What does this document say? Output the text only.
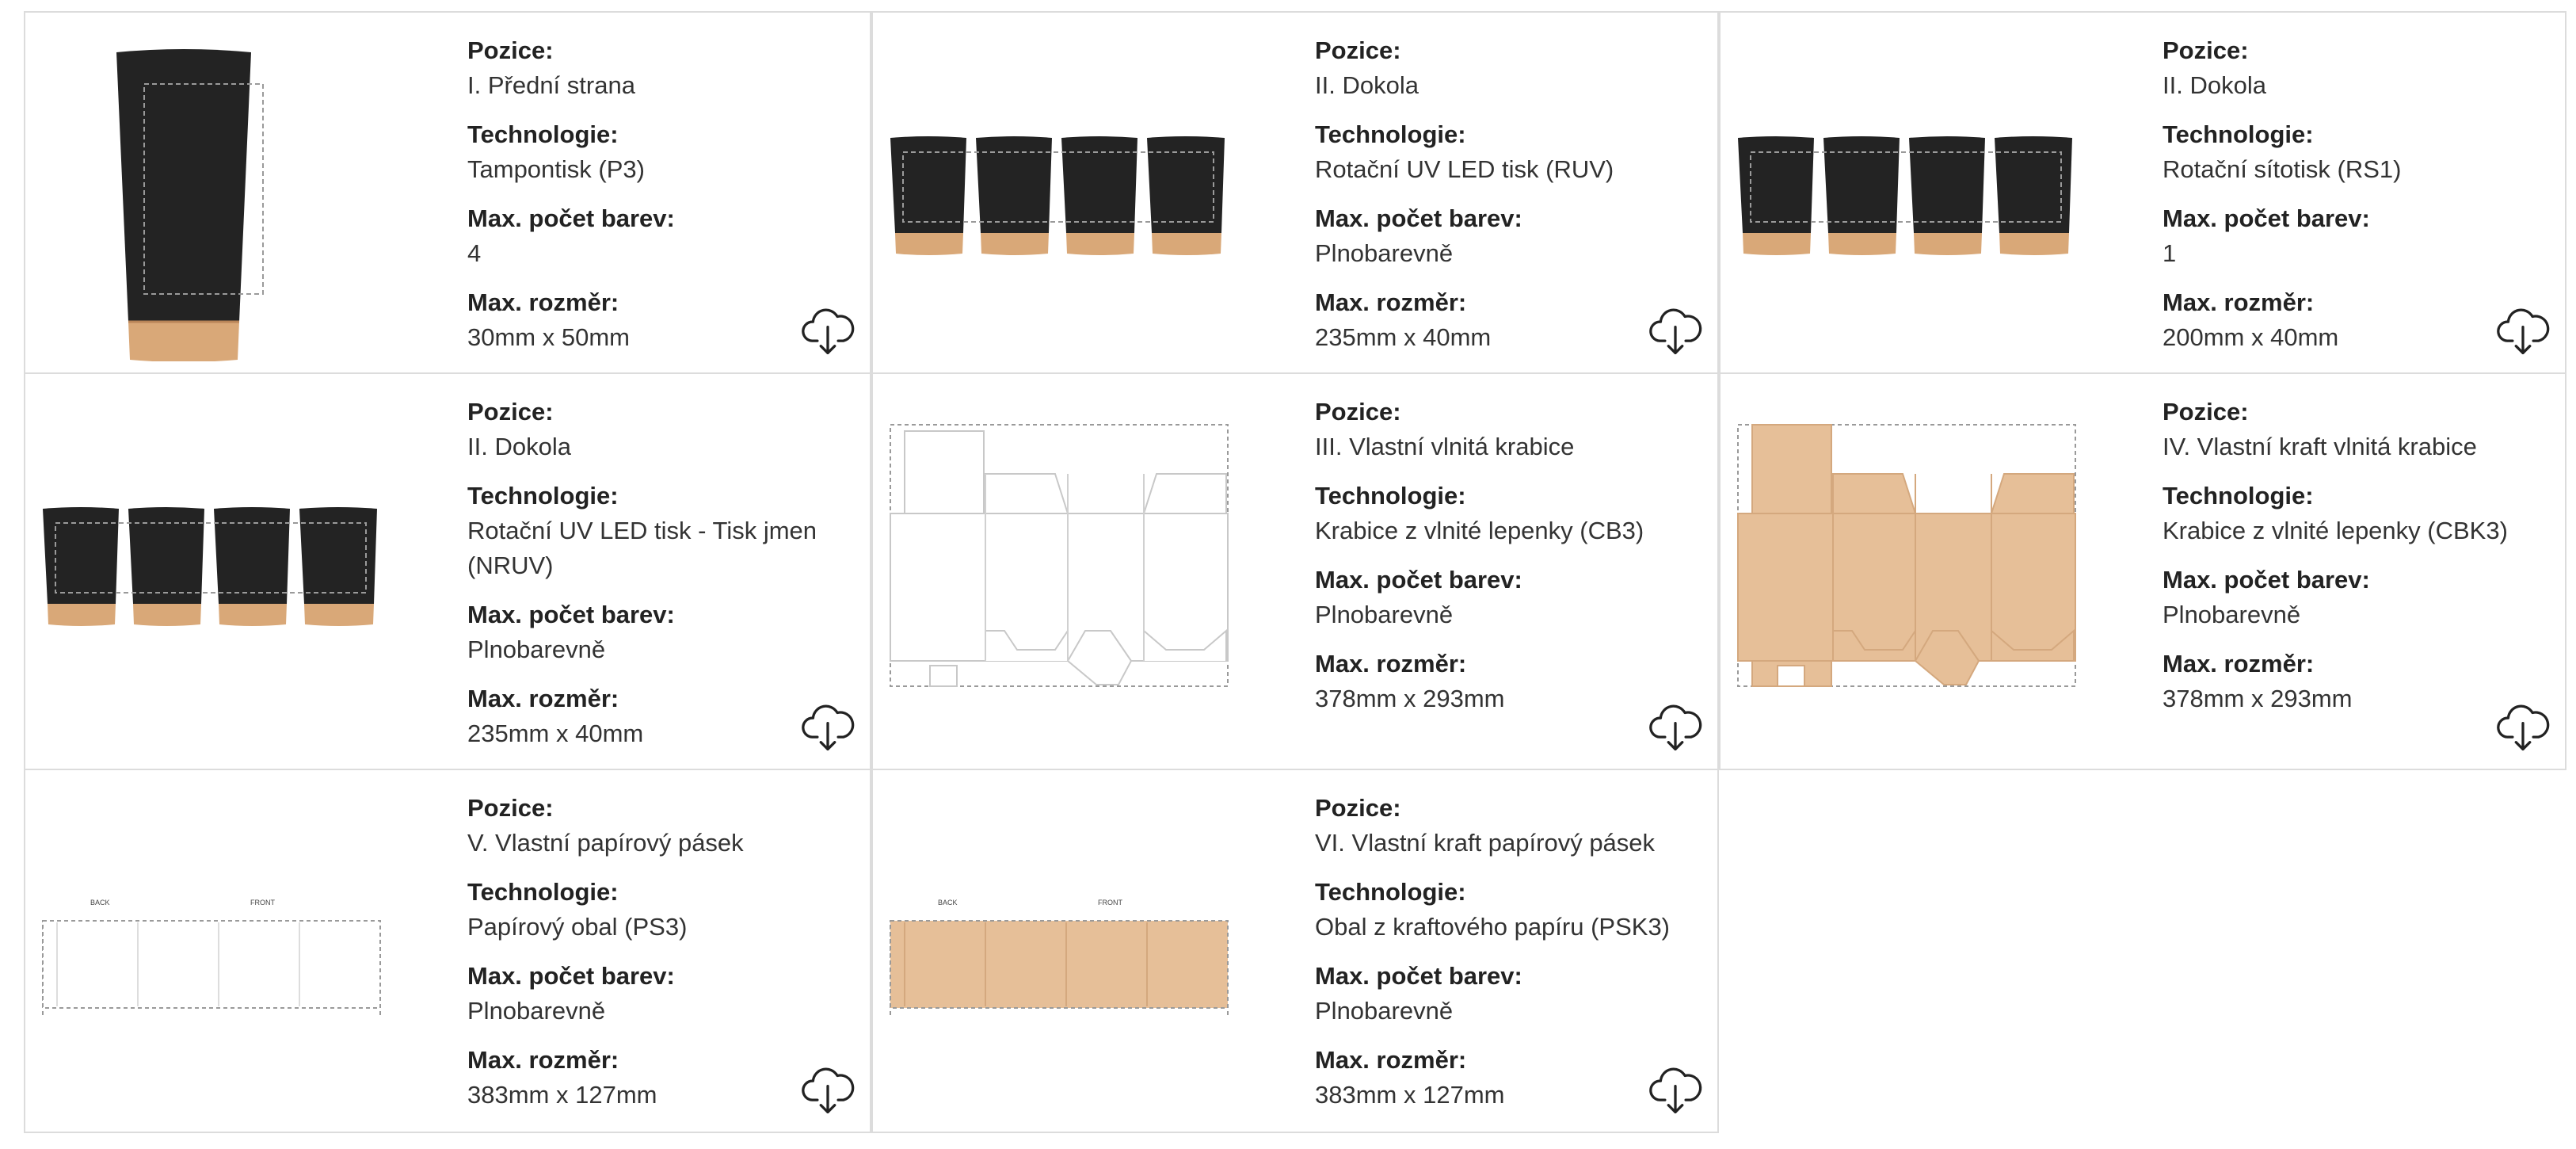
Pozice:
I. Přední strana
Technologie:
Tampontisk (P3)
Max. počet barev:
4
Max. rozměr:
30mm x 50mm
Pozice:
II. Dokola
Technologie:
Rotační UV LED tisk (RUV)
Max. počet barev:
Plnobarevně
Max. rozměr:
235mm x 40mm
Pozice:
II. Dokola
Technologie:
Rotační sítotisk (RS1)
Max. počet barev:
1
Max. rozměr:
200mm x 40mm
Pozice:
II. Dokola
Technologie:
Rotační UV LED tisk - Tisk jmen (NRUV)
Max. počet barev:
Plnobarevně
Max. rozměr:
235mm x 40mm
Pozice:
III. Vlastní vlnitá krabice
Technologie:
Krabice z vlnité lepenky (CB3)
Max. počet barev:
Plnobarevně
Max. rozměr:
378mm x 293mm
Pozice:
IV. Vlastní kraft vlnitá krabice
Technologie:
Krabice z vlnité lepenky (CBK3)
Max. počet barev:
Plnobarevně
Max. rozměr:
378mm x 293mm
BACK	FRONT
Pozice:
V. Vlastní papírový pásek
Technologie:
Papírový obal (PS3)
Max. počet barev:
Plnobarevně
Max. rozměr:
383mm x 127mm
BACK	FRONT
Pozice:
VI. Vlastní kraft papírový pásek
Technologie:
Obal z kraftového papíru (PSK3)
Max. počet barev:
Plnobarevně
Max. rozměr:
383mm x 127mm
